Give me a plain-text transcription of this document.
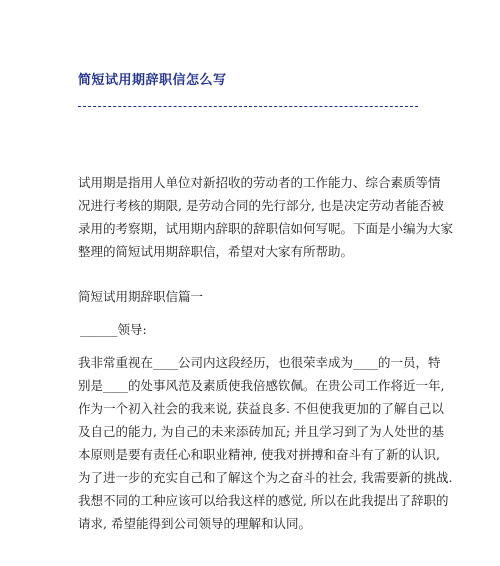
简短试用期辞职信怎么写
试用期是指用人单位对新招收的劳动者的工作能力、综合素质等情
况进行考核的期限, 是劳动合同的先行部分, 也是决定劳动者能否被
录用的考察期，试用期内辞职的辞职信如何写呢。下面是小编为大家
整理的简短试用期辞职信，希望对大家有所帮助。
简短试用期辞职信篇一
______领导:
我非常重视在____公司内这段经历，也很荣幸成为____的一员，特
别是____的处事风范及素质使我倍感钦佩。在贵公司工作将近一年,
作为一个初入社会的我来说, 获益良多. 不但使我更加的了解自己以
及自己的能力, 为自己的未来添砖加瓦; 并且学习到了为人处世的基
本原则是要有责任心和职业精神, 使我对拼搏和奋斗有了新的认识,
为了进一步的充实自己和了解这个为之奋斗的社会, 我需要新的挑战.
我想不同的工种应该可以给我这样的感觉, 所以在此我提出了辞职的
请求, 希望能得到公司领导的理解和认同。
